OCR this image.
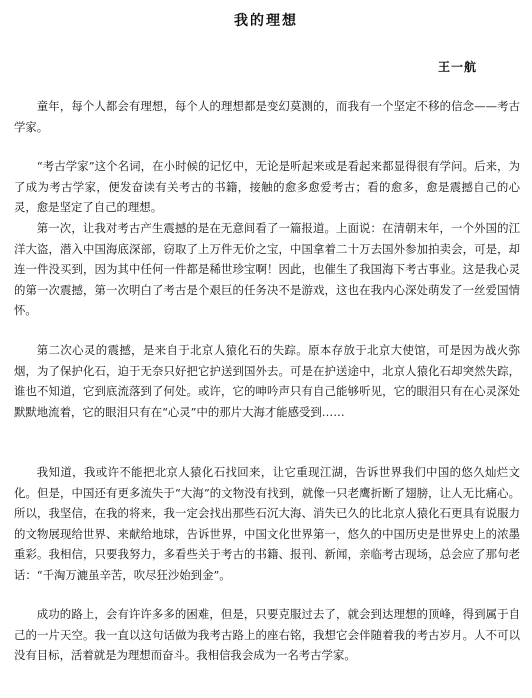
我的理想
王一航

童年，每个人都会有理想，每个人的理想都是变幻莫测的，而我有一个坚定不移的信念——考古学家。

“考古学家”这个名词，在小时候的记忆中，无论是听起来或是看起来都显得很有学问。后来，为了成为考古学家，便发奋读有关考古的书籍，接触的愈多愈爱考古；看的愈多，愈是震撼自己的心灵，愈是坚定了自己的理想。

第一次，让我对考古产生震撼的是在无意间看了一篇报道。上面说：在清朝末年，一个外国的江洋大盗，潜入中国海底深部，窃取了上万件无价之宝，中国拿着二十万去国外参加拍卖会，可是，却连一件没买到，因为其中任何一件都是稀世珍宝啊！因此，也催生了我国海下考古事业。这是我心灵的第一次震撼，第一次明白了考古是个艰巨的任务决不是游戏，这也在我内心深处萌发了一丝爱国情怀。

第二次心灵的震撼，是来自于北京人猿化石的失踪。原本存放于北京大使馆，可是因为战火弥烟，为了保护化石，迫于无奈只好把它护送到国外去。可是在护送途中，北京人猿化石却突然失踪，谁也不知道，它到底流落到了何处。或许，它的呻吟声只有自己能够听见，它的眼泪只有在心灵深处默默地流着，它的眼泪只有在“心灵”中的那片大海才能感受到……

我知道，我或许不能把北京人猿化石找回来，让它重现江湖，告诉世界我们中国的悠久灿烂文化。但是，中国还有更多流失于“大海”的文物没有找到，就像一只老鹰折断了翅膀，让人无比痛心。所以，我坚信，在我的将来，我一定会找出那些石沉大海、消失已久的比北京人猿化石更具有说服力的文物展现给世界、来献给地球，告诉世界，中国文化世界第一，悠久的中国历史是世界史上的浓墨重彩。我相信，只要我努力，多看些关于考古的书籍、报刊、新闻，亲临考古现场，总会应了那句老话：“千淘万漉虽辛苦，吹尽狂沙始到金”。

成功的路上，会有许许多多的困难，但是，只要克服过去了，就会到达理想的顶峰，得到属于自己的一片天空。我一直以这句话做为我考古路上的座右铭，我想它会伴随着我的考古岁月。人不可以没有目标，活着就是为理想而奋斗。我相信我会成为一名考古学家。
